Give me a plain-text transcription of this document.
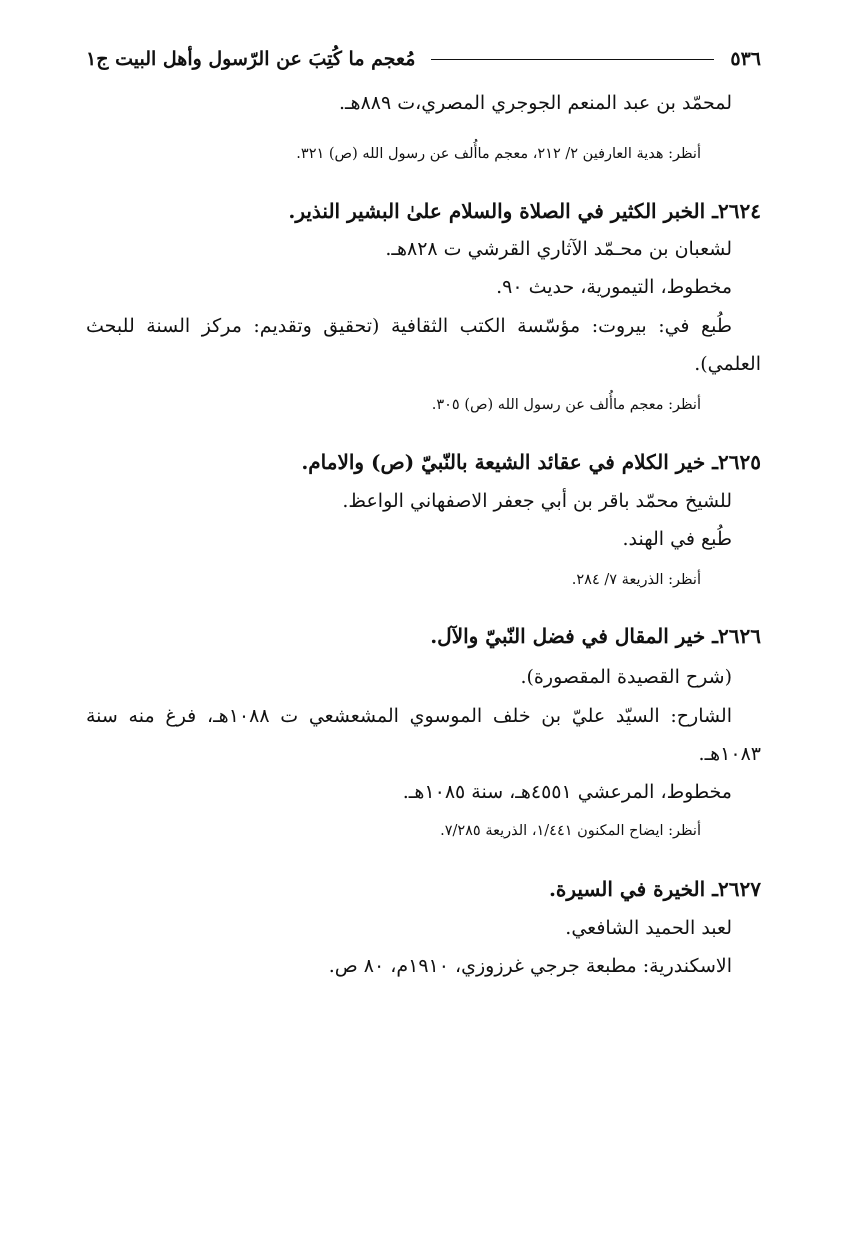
٥٣٦
مُعجم ما كُتِبَ عن الرّسول وأهل البيت ج١
لمحمّد بن عبد المنعم الجوجري المصري،ت ٨٨٩هـ.
أنظر: هدية العارفين ٢/ ٢١٢، معجم ماأُلف عن رسول الله (ص) ٣٢١.
٢٦٢٤ـ الخبر الكثير في الصلاة والسلام علىٰ البشير النذير.
لشعبان بن محـمّد الآثاري القرشي ت ٨٢٨هـ.
مخطوط، التيمورية، حديث ٩٠.
طُبع في: بيروت: مؤسّسة الكتب الثقافية (تحقيق وتقديم: مركز السنة للبحث
العلمي).
أنظر: معجم ماأُلف عن رسول الله (ص) ٣٠٥.
٢٦٢٥ـ خير الكلام في عقائد الشيعة بالنّبيّ (ص) والامام.
للشيخ محمّد باقر بن أبي جعفر الاصفهاني الواعظ.
طُبع في الهند.
أنظر: الذريعة ٧/ ٢٨٤.
٢٦٢٦ـ خير المقال في فضل النّبيّ والآل.
(شرح القصيدة المقصورة).
الشارح: السيّد عليّ بن خلف الموسوي المشعشعي ت ١٠٨٨هـ، فرغ منه سنة
١٠٨٣هـ.
مخطوط، المرعشي ٤٥٥١هـ، سنة ١٠٨٥هـ.
أنظر: ايضاح المكنون ١/٤٤١، الذريعة ٧/٢٨٥.
٢٦٢٧ـ الخيرة في السيرة.
لعبد الحميد الشافعي.
الاسكندرية: مطبعة جرجي غرزوزي، ١٩١٠م، ٨٠ ص.
